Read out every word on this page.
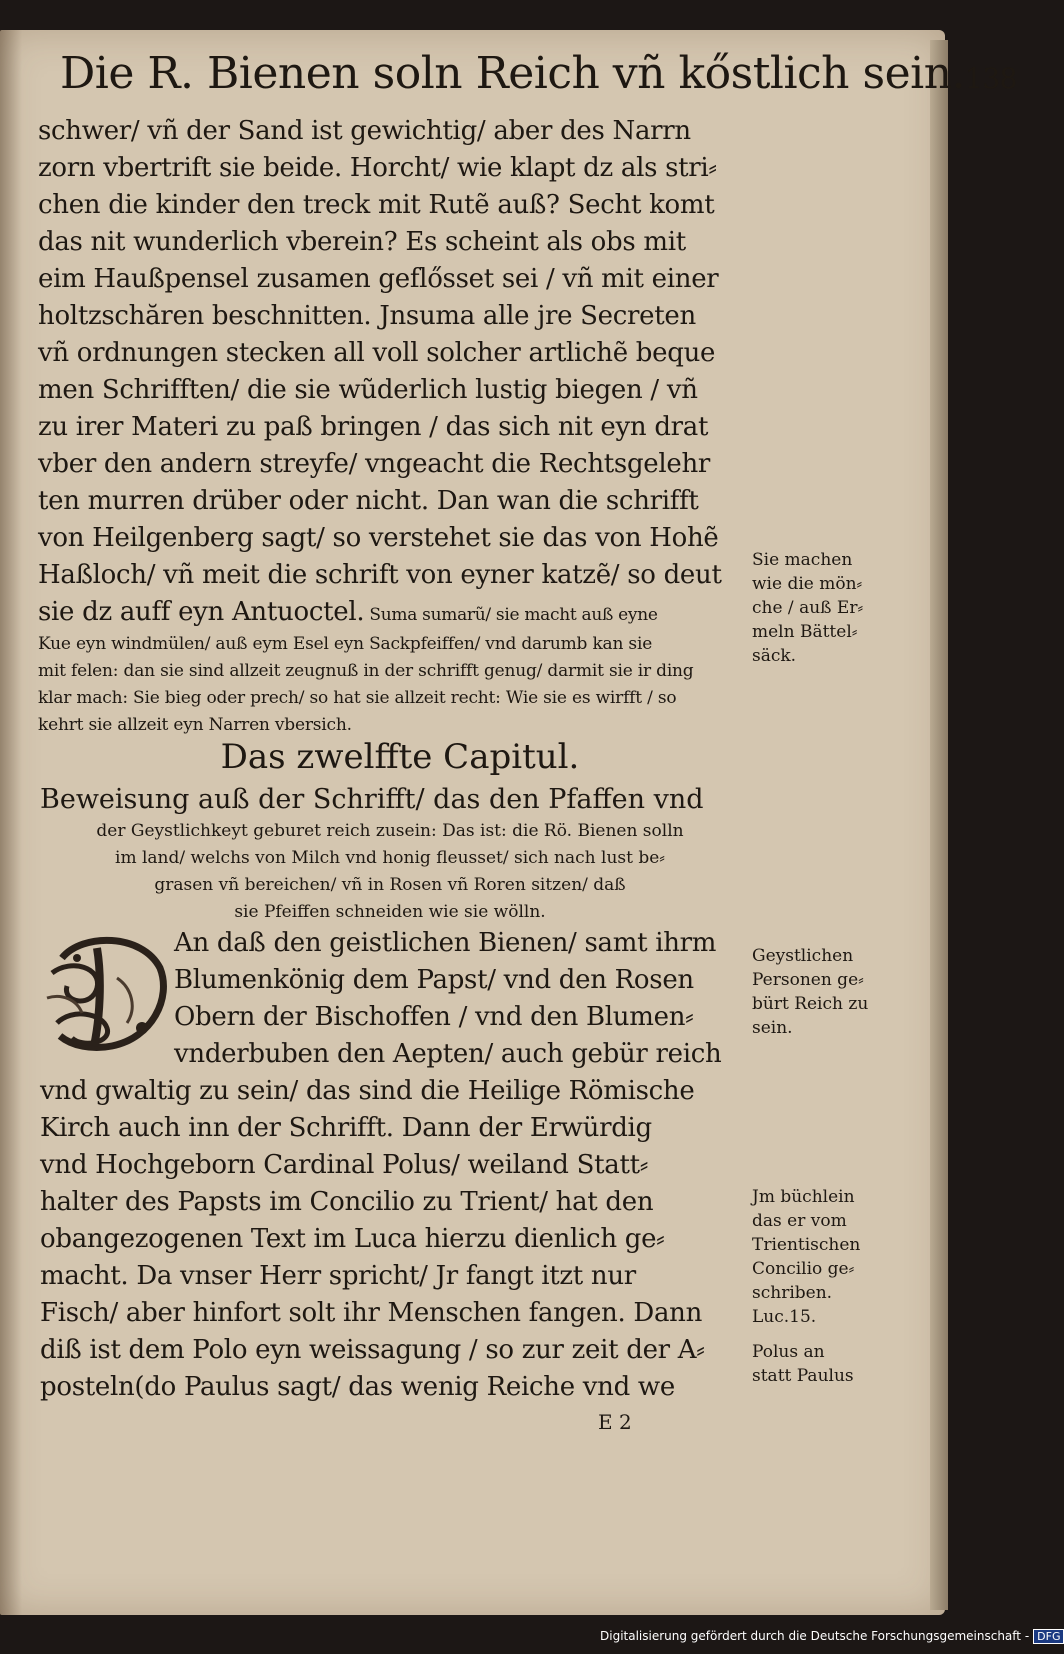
Die R. Bienen soln Reich vñ kőstlich sein.138
schwer/ vñ der Sand ist gewichtig/ aber des Narrn
zorn vbertrift sie beide. Horcht/ wie klapt dz als stri⸗
chen die kinder den treck mit Rutẽ auß? Secht komt
das nit wunderlich vberein? Es scheint als obs mit
eim Haußpensel zusamen geflősset sei / vñ mit einer
holtzschăren beschnitten. Jnsuma alle jre Secreten
vñ ordnungen stecken all voll solcher artlichẽ beque
men Schrifften/ die sie wũderlich lustig biegen / vñ
zu irer Materi zu paß bringen / das sich nit eyn drat
vber den andern streyfe/ vngeacht die Rechtsgelehr
ten murren drüber oder nicht. Dan wan die schrifft
von Heilgenberg sagt/ so verstehet sie das von Hohẽ
Haßloch/ vñ meit die schrift von eyner katzẽ/ so deut
sie dz auff eyn Antuoctel. Suma sumarũ/ sie macht auß eyne
Kue eyn windmülen/ auß eym Esel eyn Sackpfeiffen/ vnd darumb kan sie
mit felen: dan sie sind allzeit zeugnuß in der schrifft genug/ darmit sie ir ding
klar mach: Sie bieg oder prech/ so hat sie allzeit recht: Wie sie es wirfft / so
kehrt sie allzeit eyn Narren vbersich.
Das zwelffte Capitul.
Beweisung auß der Schrifft/ das den Pfaffen vnd
der Geystlichkeyt geburet reich zusein: Das ist: die Rö. Bienen solln
im land/ welchs von Milch vnd honig fleusset/ sich nach lust be⸗
grasen vñ bereichen/ vñ in Rosen vñ Roren sitzen/ daß
sie Pfeiffen schneiden wie sie wölln.
An daß den geistlichen Bienen/ samt ihrm
Blumenkönig dem Papst/ vnd den Rosen
Obern der Bischoffen / vnd den Blumen⸗
vnderbuben den Aepten/ auch gebür reich
vnd gwaltig zu sein/ das sind die Heilige Römische
Kirch auch inn der Schrifft. Dann der Erwürdig
vnd Hochgeborn Cardinal Polus/ weiland Statt⸗
halter des Papsts im Concilio zu Trient/ hat den
obangezogenen Text im Luca hierzu dienlich ge⸗
macht. Da vnser Herr spricht/ Jr fangt itzt nur
Fisch/ aber hinfort solt ihr Menschen fangen. Dann
diß ist dem Polo eyn weissagung / so zur zeit der A⸗
posteln(do Paulus sagt/ das wenig Reiche vnd we
Sie machen
wie die mön⸗
che / auß Er⸗
meln Bättel⸗
säck.
Geystlichen
Personen ge⸗
bürt Reich zu
sein.
Jm büchlein
das er vom
Trientischen
Concilio ge⸗
schriben.
Luc.15.
Polus an
statt Paulus
E 2
Digitalisierung gefördert durch die Deutsche Forschungsgemeinschaft - DFG
